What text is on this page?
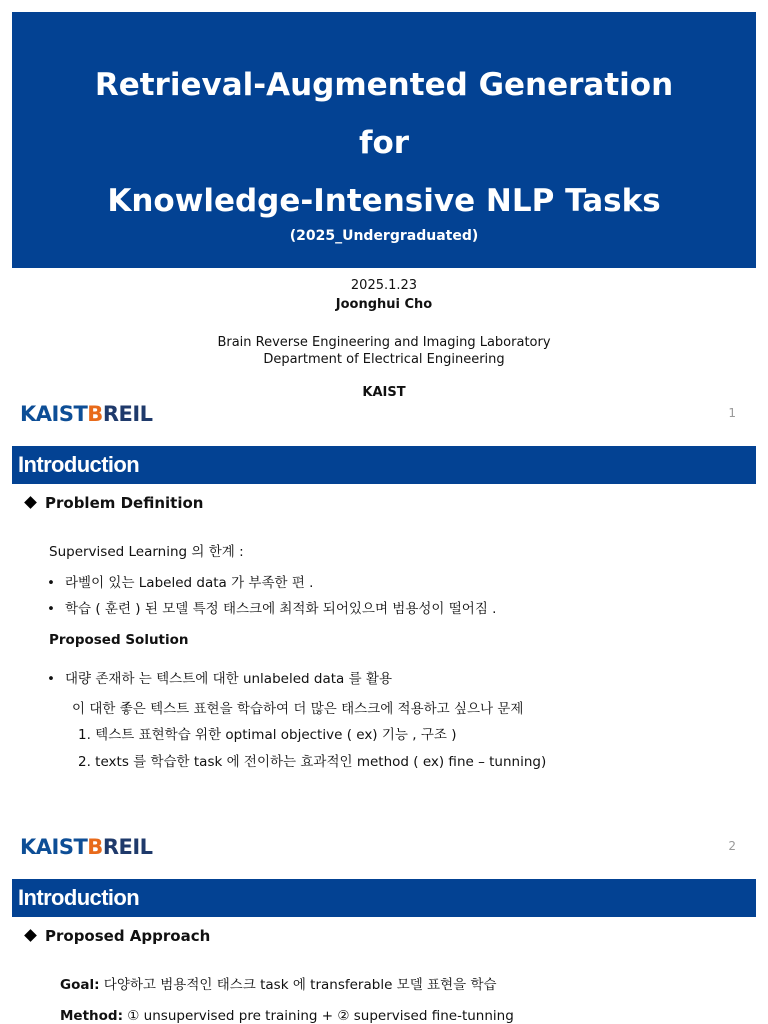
Retrieval-Augmented Generation
for
Knowledge-Intensive NLP Tasks
(2025_Undergraduated)
2025.1.23
Joonghui Cho
Brain Reverse Engineering and Imaging Laboratory
Department of Electrical Engineering
KAIST
KAISTBREIL	1
Introduction
Problem Definition
Supervised Learning 의 한계 :
• 라벨이 있는 Labeled data 가 부족한 편 .
• 학습 ( 훈련 ) 된 모델 특정 태스크에 최적화 되어있으며 범용성이 떨어짐 .
Proposed Solution
• 대량 존재하 는 텍스트에 대한 unlabeled data 를 활용
이 대한 좋은 텍스트 표현을 학습하여 더 많은 태스크에 적용하고 싶으나 문제
1. 텍스트 표현학습 위한 optimal objective ( ex) 기능 , 구조 )
2. texts 를 학습한 task 에 전이하는 효과적인 method ( ex) fine – tunning)
KAISTBREIL	2
Introduction
Proposed Approach
Goal: 다양하고 범용적인 태스크 task 에 transferable 모델 표현을 학습
Method: ① unsupervised pre training + ② supervised fine-tunning
